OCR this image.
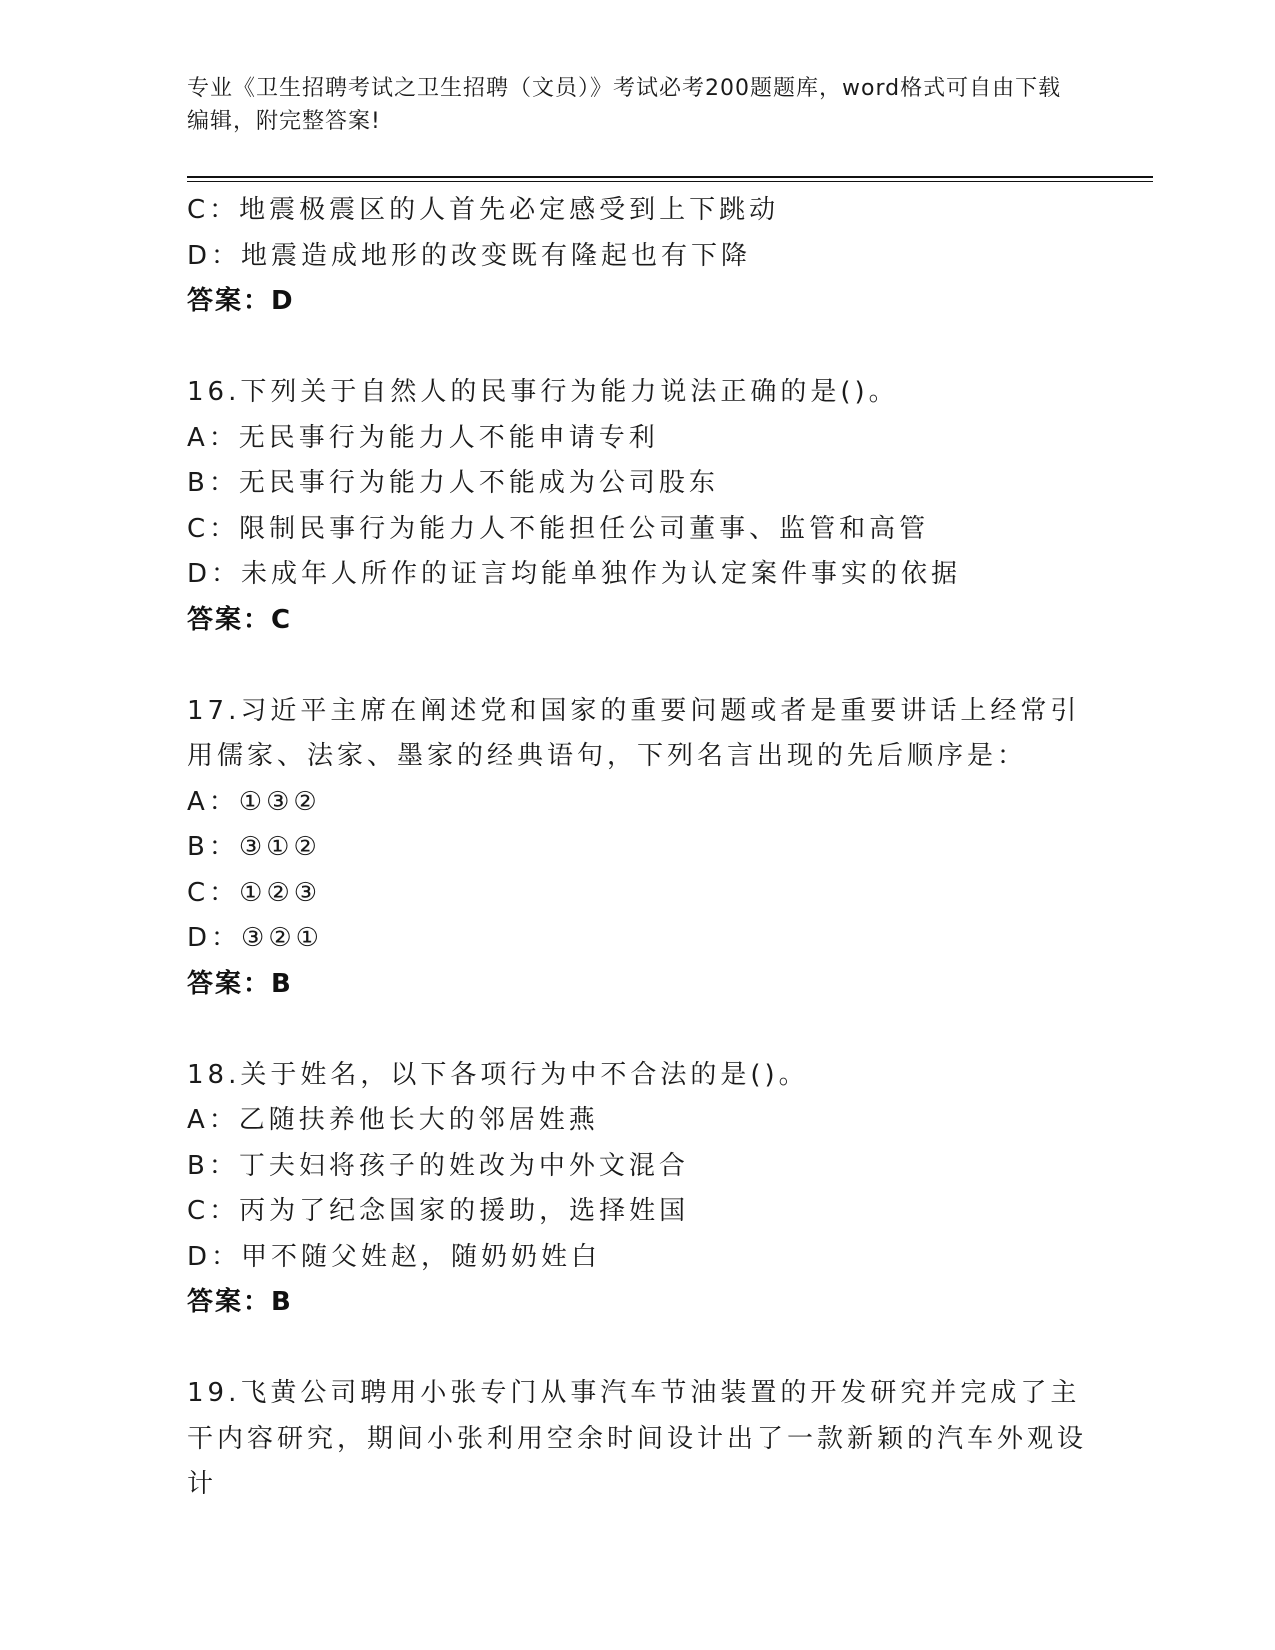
专业《卫生招聘考试之卫生招聘（文员）》考试必考200题题库，word格式可自由下载编辑，附完整答案!
C：地震极震区的人首先必定感受到上下跳动
D：地震造成地形的改变既有隆起也有下降
答案：D
16.下列关于自然人的民事行为能力说法正确的是()。
A：无民事行为能力人不能申请专利
B：无民事行为能力人不能成为公司股东
C：限制民事行为能力人不能担任公司董事、监管和高管
D：未成年人所作的证言均能单独作为认定案件事实的依据
答案：C
17.习近平主席在阐述党和国家的重要问题或者是重要讲话上经常引用儒家、法家、墨家的经典语句，下列名言出现的先后顺序是：
A：①③②
B：③①②
C：①②③
D：③②①
答案：B
18.关于姓名，以下各项行为中不合法的是()。
A：乙随扶养他长大的邻居姓燕
B：丁夫妇将孩子的姓改为中外文混合
C：丙为了纪念国家的援助，选择姓国
D：甲不随父姓赵，随奶奶姓白
答案：B
19.飞黄公司聘用小张专门从事汽车节油装置的开发研究并完成了主干内容研究，期间小张利用空余时间设计出了一款新颖的汽车外观设计
